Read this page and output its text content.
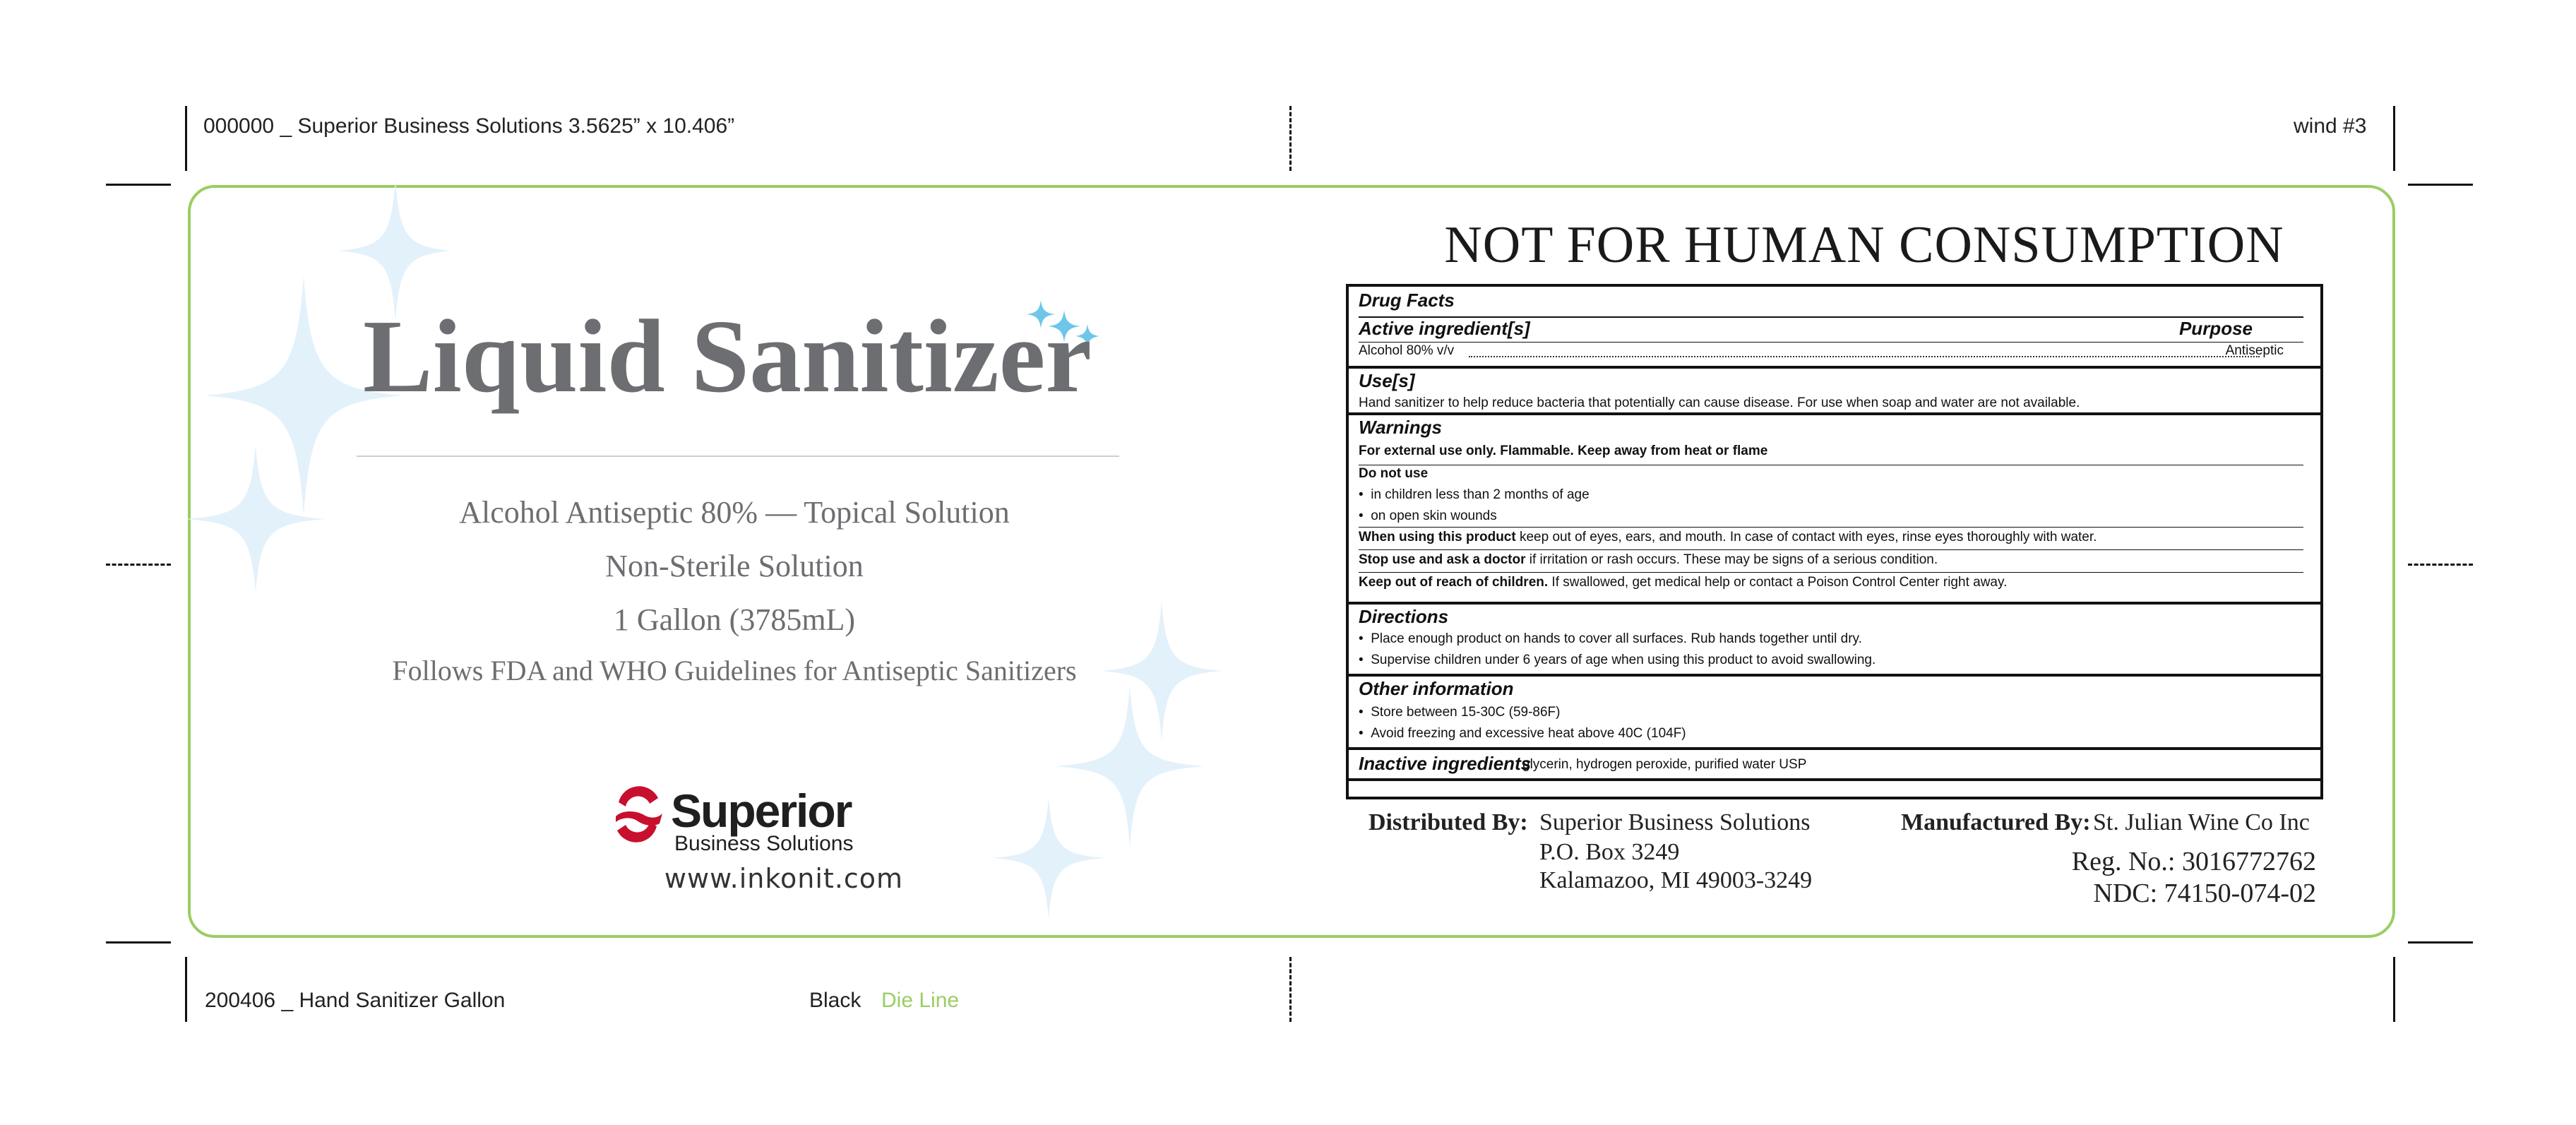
000000 _ Superior Business Solutions 3.5625” x 10.406”	wind #3
200406 _ Hand Sanitizer Gallon	Black Die Line
Liquid Sanitizer
Alcohol Antiseptic 80% — Topical Solution
Non-Sterile Solution
1 Gallon (3785mL)
Follows FDA and WHO Guidelines for Antiseptic Sanitizers
Superior
Business Solutions
www.inkonit.com
NOT FOR HUMAN CONSUMPTION
Drug Facts
Active ingredient[s]	Purpose
Alcohol 80% v/v	Antiseptic
Use[s]
Hand sanitizer to help reduce bacteria that potentially can cause disease. For use when soap and water are not available.
Warnings
For external use only. Flammable. Keep away from heat or flame
Do not use
•  in children less than 2 months of age
•  on open skin wounds
When using this product keep out of eyes, ears, and mouth. In case of contact with eyes, rinse eyes thoroughly with water.
Stop use and ask a doctor if irritation or rash occurs. These may be signs of a serious condition.
Keep out of reach of children. If swallowed, get medical help or contact a Poison Control Center right away.
Directions
•  Place enough product on hands to cover all surfaces. Rub hands together until dry.
•  Supervise children under 6 years of age when using this product to avoid swallowing.
Other information
•  Store between 15-30C (59-86F)
•  Avoid freezing and excessive heat above 40C (104F)
Inactive ingredients
glycerin, hydrogen peroxide, purified water USP
Distributed By: Superior Business Solutions
P.O. Box 3249
Kalamazoo, MI 49003-3249
Manufactured By: St. Julian Wine Co Inc
Reg. No.: 3016772762
NDC: 74150-074-02
